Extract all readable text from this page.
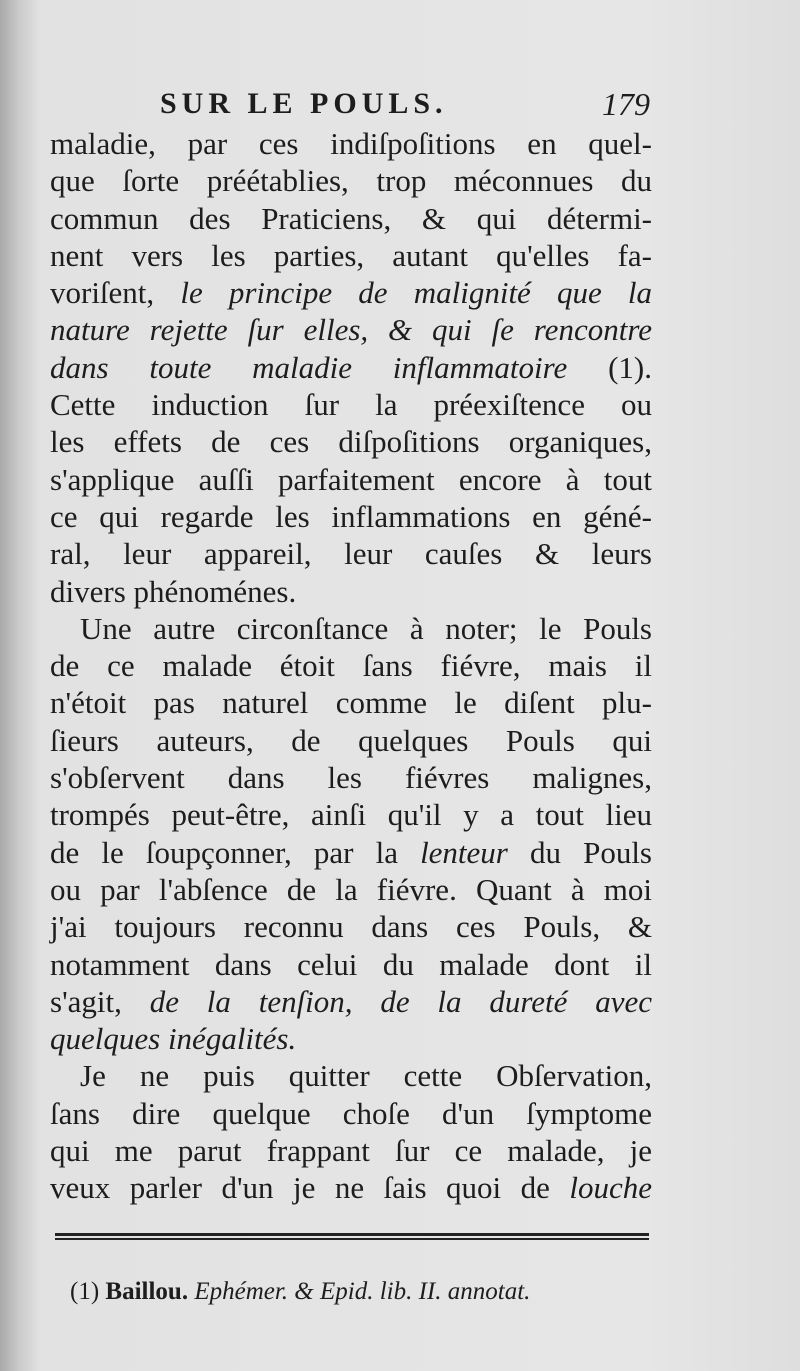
SUR LE POULS.	179
maladie, par ces indiſpoſitions en quel-
que ſorte préétablies, trop méconnues du
commun des Praticiens, & qui détermi-
nent vers les parties, autant qu'elles fa-
voriſent, le principe de malignité que la
nature rejette ſur elles, & qui ſe rencontre
dans toute maladie inflammatoire (1).
Cette induction ſur la préexiſtence ou
les effets de ces diſpoſitions organiques,
s'applique auſſi parfaitement encore à tout
ce qui regarde les inflammations en géné-
ral, leur appareil, leur cauſes & leurs
divers phénoménes.
Une autre circonſtance à noter; le Pouls
de ce malade étoit ſans fiévre, mais il
n'étoit pas naturel comme le diſent plu-
ſieurs auteurs, de quelques Pouls qui
s'obſervent dans les fiévres malignes,
trompés peut-être, ainſi qu'il y a tout lieu
de le ſoupçonner, par la lenteur du Pouls
ou par l'abſence de la fiévre. Quant à moi
j'ai toujours reconnu dans ces Pouls, &
notamment dans celui du malade dont il
s'agit, de la tenſion, de la dureté avec
quelques inégalités.
Je ne puis quitter cette Obſervation,
ſans dire quelque choſe d'un ſymptome
qui me parut frappant ſur ce malade, je
veux parler d'un je ne ſais quoi de louche
(1) Baillou. Ephémer. & Epid. lib. II. annotat.
